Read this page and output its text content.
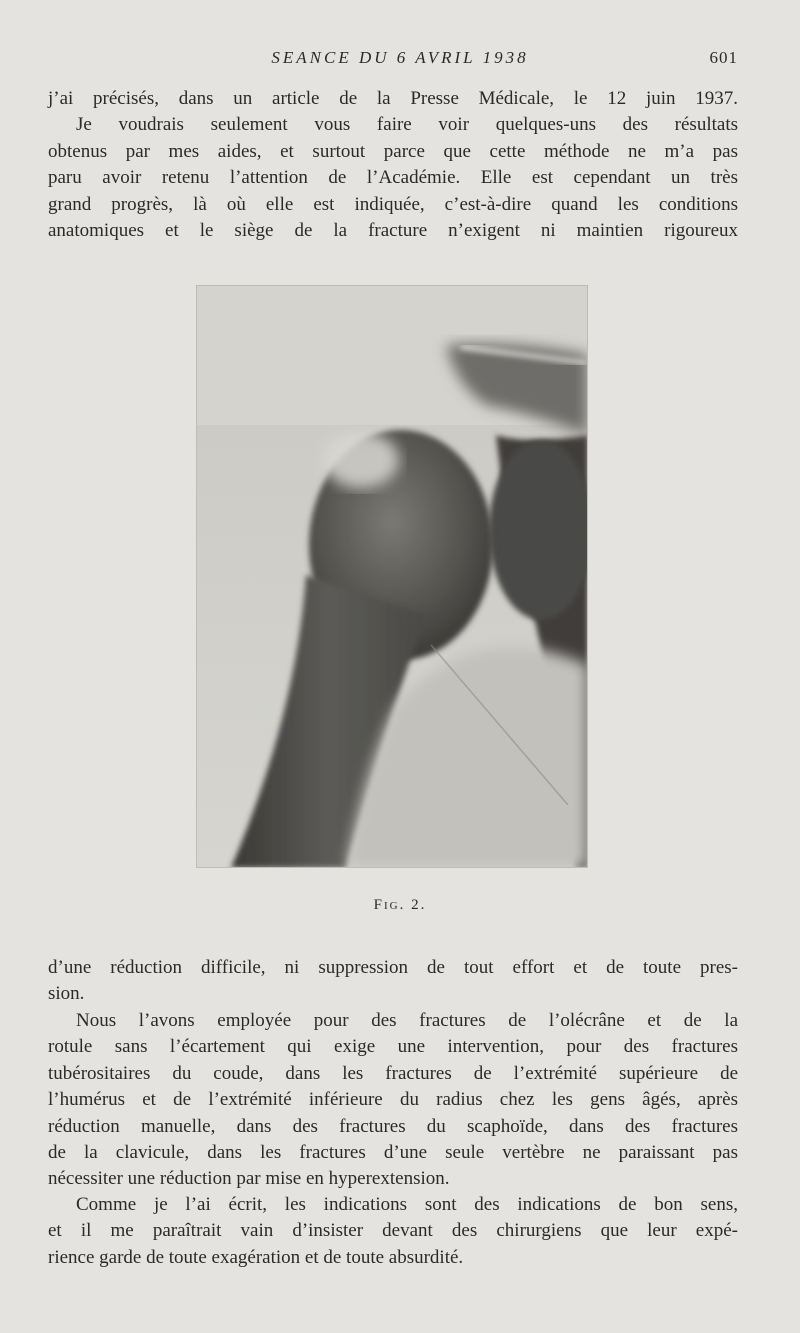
SEANCE DU 6 AVRIL 1938	601

j’ai précisés, dans un article de la Presse Médicale, le 12 juin 1937.
Je voudrais seulement vous faire voir quelques-uns des résultats
obtenus par mes aides, et surtout parce que cette méthode ne m’a pas
paru avoir retenu l’attention de l’Académie. Elle est cependant un très
grand progrès, là où elle est indiquée, c’est-à-dire quand les conditions
anatomiques et le siège de la fracture n’exigent ni maintien rigoureux

Fig. 2.

d’une réduction difficile, ni suppression de tout effort et de toute pres-
sion.

Nous l’avons employée pour des fractures de l’olécrâne et de la
rotule sans l’écartement qui exige une intervention, pour des fractures
tubérositaires du coude, dans les fractures de l’extrémité supérieure de
l’humérus et de l’extrémité inférieure du radius chez les gens âgés, après
réduction manuelle, dans des fractures du scaphoïde, dans des fractures
de la clavicule, dans les fractures d’une seule vertèbre ne paraissant pas
nécessiter une réduction par mise en hyperextension.

Comme je l’ai écrit, les indications sont des indications de bon sens,
et il me paraîtrait vain d’insister devant des chirurgiens que leur expé-
rience garde de toute exagération et de toute absurdité.
